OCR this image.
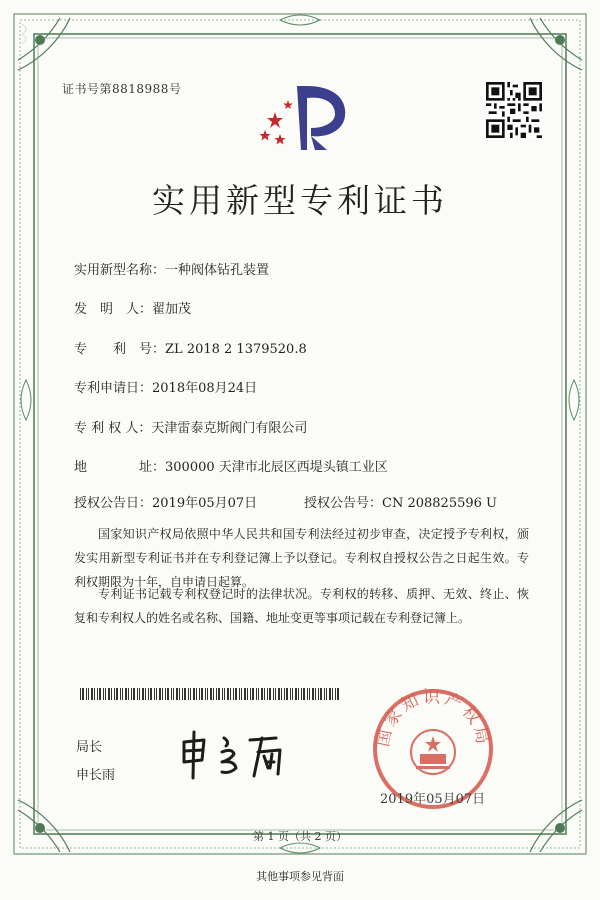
证书号第8818988号
实用新型专利证书
实用新型名称：一种阀体钻孔装置
发　明　人：翟加茂
专　　利　号：ZL 2018 2 1379520.8
专利申请日：2018年08月24日
专 利 权 人：天津雷泰克斯阀门有限公司
地　　　　址：300000 天津市北辰区西堤头镇工业区
授权公告日：2019年05月07日	授权公告号：CN 208825596 U
国家知识产权局依照中华人民共和国专利法经过初步审查，决定授予专利权，颁发实用新型专利证书并在专利登记簿上予以登记。专利权自授权公告之日起生效。专利权期限为十年，自申请日起算。
专利证书记载专利权登记时的法律状况。专利权的转移、质押、无效、终止、恢复和专利权人的姓名或名称、国籍、地址变更等事项记载在专利登记簿上。
局长
申长雨
国家知识产权局
2019年05月07日
第 1 页（共 2 页）
其他事项参见背面
